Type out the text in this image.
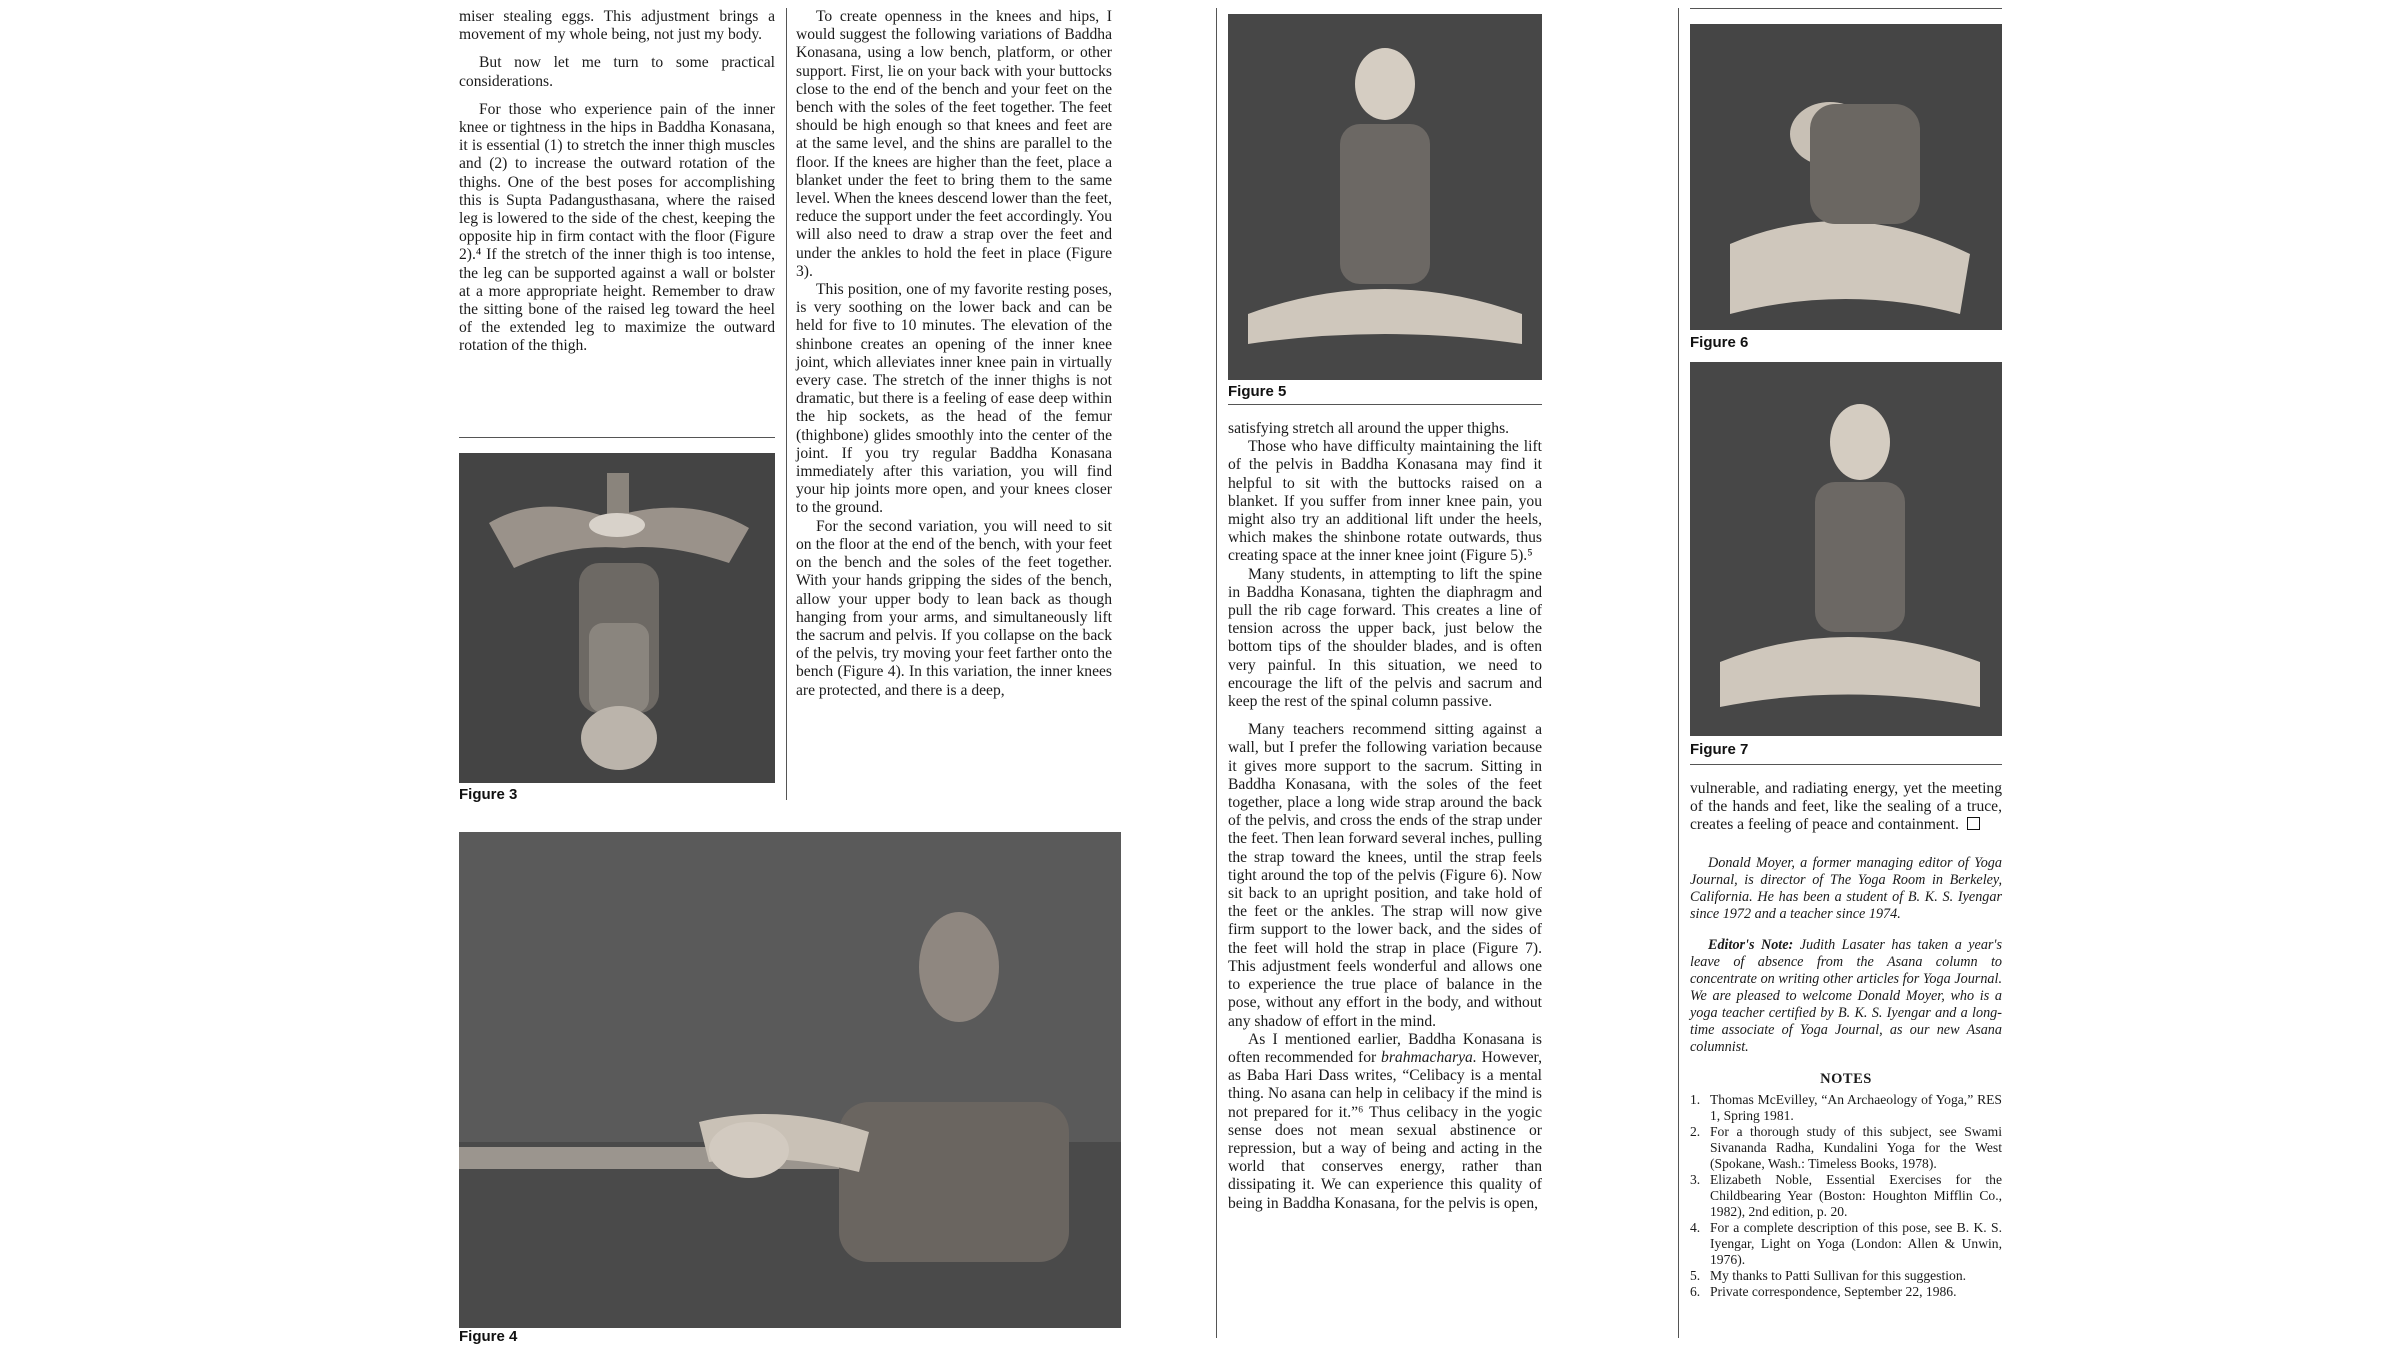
miser stealing eggs. This adjustment brings a movement of my whole being, not just my body.

But now let me turn to some practical considerations.

For those who experience pain of the inner knee or tightness in the hips in Baddha Konasana, it is essential (1) to stretch the inner thigh muscles and (2) to increase the outward rotation of the thighs. One of the best poses for accomplishing this is Supta Padangusthasana, where the raised leg is lowered to the side of the chest, keeping the opposite hip in firm contact with the floor (Figure 2).⁴ If the stretch of the inner thigh is too intense, the leg can be supported against a wall or bolster at a more appropriate height. Remember to draw the sitting bone of the raised leg toward the heel of the extended leg to maximize the outward rotation of the thigh.

Figure 3

To create openness in the knees and hips, I would suggest the following variations of Baddha Konasana, using a low bench, platform, or other support. First, lie on your back with your buttocks close to the end of the bench and your feet on the bench with the soles of the feet together. The feet should be high enough so that knees and feet are at the same level, and the shins are parallel to the floor. If the knees are higher than the feet, place a blanket under the feet to bring them to the same level. When the knees descend lower than the feet, reduce the support under the feet accordingly. You will also need to draw a strap over the feet and under the ankles to hold the feet in place (Figure 3).

This position, one of my favorite resting poses, is very soothing on the lower back and can be held for five to 10 minutes. The elevation of the shinbone creates an opening of the inner knee joint, which alleviates inner knee pain in virtually every case. The stretch of the inner thighs is not dramatic, but there is a feeling of ease deep within the hip sockets, as the head of the femur (thighbone) glides smoothly into the center of the joint. If you try regular Baddha Konasana immediately after this variation, you will find your hip joints more open, and your knees closer to the ground.

For the second variation, you will need to sit on the floor at the end of the bench, with your feet on the bench and the soles of the feet together. With your hands gripping the sides of the bench, allow your upper body to lean back as though hanging from your arms, and simultaneously lift the sacrum and pelvis. If you collapse on the back of the pelvis, try moving your feet farther onto the bench (Figure 4). In this variation, the inner knees are protected, and there is a deep,

Figure 4
Figure 5

satisfying stretch all around the upper thighs.

Those who have difficulty maintaining the lift of the pelvis in Baddha Konasana may find it helpful to sit with the buttocks raised on a blanket. If you suffer from inner knee pain, you might also try an additional lift under the heels, which makes the shinbone rotate outwards, thus creating space at the inner knee joint (Figure 5).⁵

Many students, in attempting to lift the spine in Baddha Konasana, tighten the diaphragm and pull the rib cage forward. This creates a line of tension across the upper back, just below the bottom tips of the shoulder blades, and is often very painful. In this situation, we need to encourage the lift of the pelvis and sacrum and keep the rest of the spinal column passive.

Many teachers recommend sitting against a wall, but I prefer the following variation because it gives more support to the sacrum. Sitting in Baddha Konasana, with the soles of the feet together, place a long wide strap around the back of the pelvis, and cross the ends of the strap under the feet. Then lean forward several inches, pulling the strap toward the knees, until the strap feels tight around the top of the pelvis (Figure 6). Now sit back to an upright position, and take hold of the feet or the ankles. The strap will now give firm support to the lower back, and the sides of the feet will hold the strap in place (Figure 7). This adjustment feels wonderful and allows one to experience the true place of balance in the pose, without any effort in the body, and without any shadow of effort in the mind.

As I mentioned earlier, Baddha Konasana is often recommended for brahmacharya. However, as Baba Hari Dass writes, “Celibacy is a mental thing. No asana can help in celibacy if the mind is not prepared for it.”⁶ Thus celibacy in the yogic sense does not mean sexual abstinence or repression, but a way of being and acting in the world that conserves energy, rather than dissipating it. We can experience this quality of being in Baddha Konasana, for the pelvis is open,

Figure 6
Figure 7

vulnerable, and radiating energy, yet the meeting of the hands and feet, like the sealing of a truce, creates a feeling of peace and containment.

Donald Moyer, a former managing editor of Yoga Journal, is director of The Yoga Room in Berkeley, California. He has been a student of B. K. S. Iyengar since 1972 and a teacher since 1974.

Editor's Note: Judith Lasater has taken a year's leave of absence from the Asana column to concentrate on writing other articles for Yoga Journal. We are pleased to welcome Donald Moyer, who is a yoga teacher certified by B. K. S. Iyengar and a long-time associate of Yoga Journal, as our new Asana columnist.

NOTES
1. Thomas McEvilley, “An Archaeology of Yoga,” RES 1, Spring 1981.
2. For a thorough study of this subject, see Swami Sivananda Radha, Kundalini Yoga for the West (Spokane, Wash.: Timeless Books, 1978).
3. Elizabeth Noble, Essential Exercises for the Childbearing Year (Boston: Houghton Mifflin Co., 1982), 2nd edition, p. 20.
4. For a complete description of this pose, see B. K. S. Iyengar, Light on Yoga (London: Allen & Unwin, 1976).
5. My thanks to Patti Sullivan for this suggestion.
6. Private correspondence, September 22, 1986.
